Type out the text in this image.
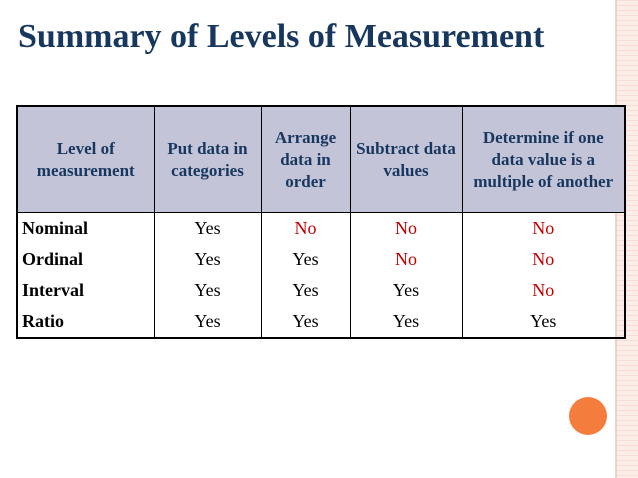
Summary of Levels of Measurement
Level of measurement	Put data in categories	Arrange data in order	Subtract data values	Determine if one data value is a multiple of another
Nominal	Yes	No	No	No
Ordinal	Yes	Yes	No	No
Interval	Yes	Yes	Yes	No
Ratio	Yes	Yes	Yes	Yes
